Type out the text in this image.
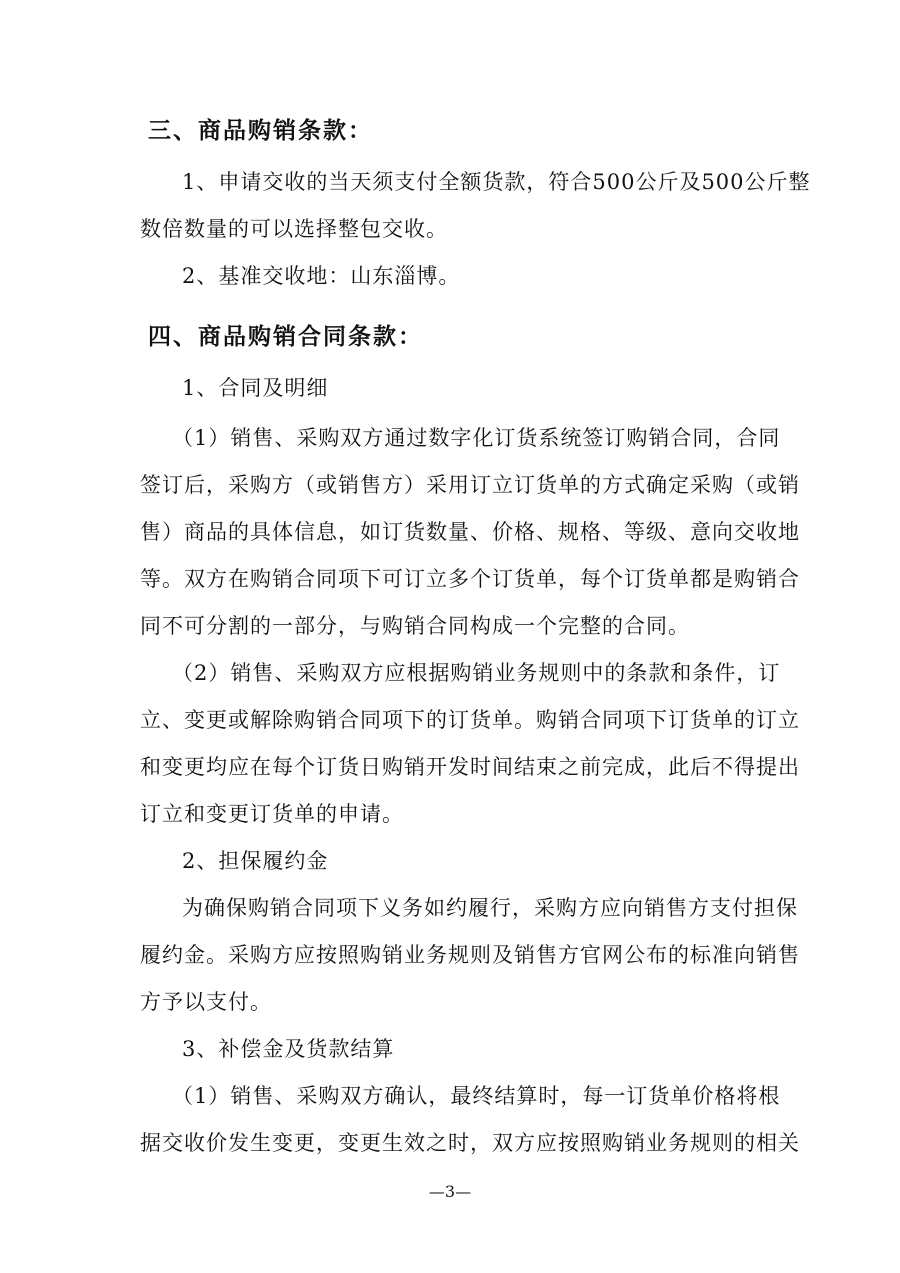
三、商品购销条款：

1、申请交收的当天须支付全额货款，符合500公斤及500公斤整

数倍数量的可以选择整包交收。

2、基准交收地：山东淄博。

四、商品购销合同条款：

1、合同及明细

（1）销售、采购双方通过数字化订货系统签订购销合同，合同

签订后，采购方（或销售方）采用订立订货单的方式确定采购（或销

售）商品的具体信息，如订货数量、价格、规格、等级、意向交收地

等。双方在购销合同项下可订立多个订货单，每个订货单都是购销合

同不可分割的一部分，与购销合同构成一个完整的合同。

（2）销售、采购双方应根据购销业务规则中的条款和条件，订

立、变更或解除购销合同项下的订货单。购销合同项下订货单的订立

和变更均应在每个订货日购销开发时间结束之前完成，此后不得提出

订立和变更订货单的申请。

2、担保履约金

为确保购销合同项下义务如约履行，采购方应向销售方支付担保

履约金。采购方应按照购销业务规则及销售方官网公布的标准向销售

方予以支付。

3、补偿金及货款结算

（1）销售、采购双方确认，最终结算时，每一订货单价格将根

据交收价发生变更，变更生效之时，双方应按照购销业务规则的相关

—3—
